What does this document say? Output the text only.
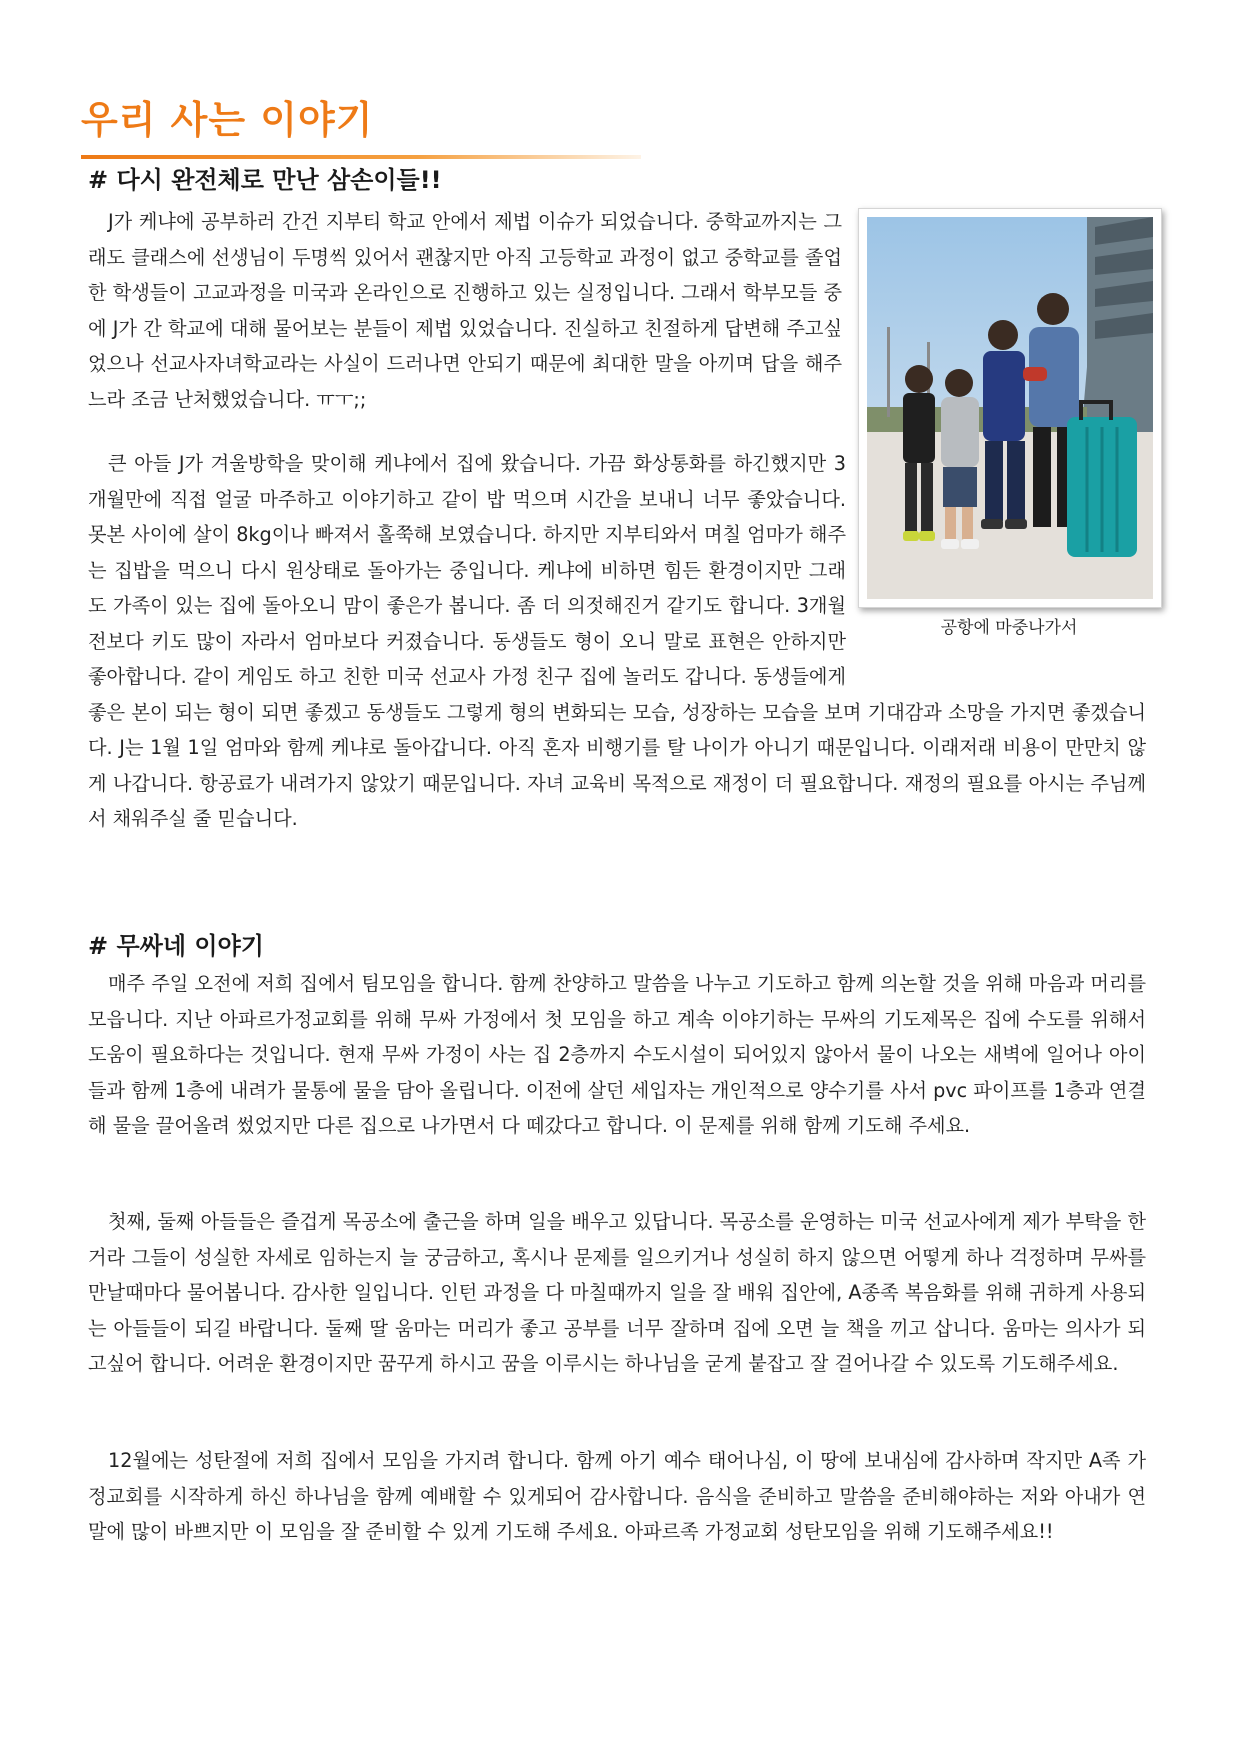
우리 사는 이야기
# 다시 완전체로 만난 삼손이들!!

J가 케냐에 공부하러 간건 지부티 학교 안에서 제법 이슈가 되었습니다. 중학교까지는 그래도 클래스에 선생님이 두명씩 있어서 괜찮지만 아직 고등학교 과정이 없고 중학교를 졸업한 학생들이 고교과정을 미국과 온라인으로 진행하고 있는 실정입니다. 그래서 학부모들 중에 J가 간 학교에 대해 물어보는 분들이 제법 있었습니다. 진실하고 친절하게 답변해 주고싶었으나 선교사자녀학교라는 사실이 드러나면 안되기 때문에 최대한 말을 아끼며 답을 해주느라 조금 난처했었습니다. ㅠㅜ;;

큰 아들 J가 겨울방학을 맞이해 케냐에서 집에 왔습니다. 가끔 화상통화를 하긴했지만 3개월만에 직접 얼굴 마주하고 이야기하고 같이 밥 먹으며 시간을 보내니 너무 좋았습니다. 못본 사이에 살이 8kg이나 빠져서 홀쭉해 보였습니다. 하지만 지부티와서 며칠 엄마가 해주는 집밥을 먹으니 다시 원상태로 돌아가는 중입니다. 케냐에 비하면 힘든 환경이지만 그래도 가족이 있는 집에 돌아오니 맘이 좋은가 봅니다. 좀 더 의젓해진거 같기도 합니다. 3개월 전보다 키도 많이 자라서 엄마보다 커졌습니다. 동생들도 형이 오니 말로 표현은 안하지만 좋아합니다. 같이 게임도 하고 친한 미국 선교사 가정 친구 집에 놀러도 갑니다. 동생들에게 좋은 본이 되는 형이 되면 좋겠고 동생들도 그렇게 형의 변화되는 모습, 성장하는 모습을 보며 기대감과 소망을 가지면 좋겠습니다. J는 1월 1일 엄마와 함께 케냐로 돌아갑니다. 아직 혼자 비행기를 탈 나이가 아니기 때문입니다. 이래저래 비용이 만만치 않게 나갑니다. 항공료가 내려가지 않았기 때문입니다. 자녀 교육비 목적으로 재정이 더 필요합니다. 재정의 필요를 아시는 주님께서 채워주실 줄 믿습니다.

공항에 마중나가서

# 무싸네 이야기

매주 주일 오전에 저희 집에서 팀모임을 합니다. 함께 찬양하고 말씀을 나누고 기도하고 함께 의논할 것을 위해 마음과 머리를 모읍니다. 지난 아파르가정교회를 위해 무싸 가정에서 첫 모임을 하고 계속 이야기하는 무싸의 기도제목은 집에 수도를 위해서 도움이 필요하다는 것입니다. 현재 무싸 가정이 사는 집 2층까지 수도시설이 되어있지 않아서 물이 나오는 새벽에 일어나 아이들과 함께 1층에 내려가 물통에 물을 담아 올립니다. 이전에 살던 세입자는 개인적으로 양수기를 사서 pvc 파이프를 1층과 연결해 물을 끌어올려 썼었지만 다른 집으로 나가면서 다 떼갔다고 합니다. 이 문제를 위해 함께 기도해 주세요.

첫째, 둘째 아들들은 즐겁게 목공소에 출근을 하며 일을 배우고 있답니다. 목공소를 운영하는 미국 선교사에게 제가 부탁을 한거라 그들이 성실한 자세로 임하는지 늘 궁금하고, 혹시나 문제를 일으키거나 성실히 하지 않으면 어떻게 하나 걱정하며 무싸를 만날때마다 물어봅니다. 감사한 일입니다. 인턴 과정을 다 마칠때까지 일을 잘 배워 집안에, A종족 복음화를 위해 귀하게 사용되는 아들들이 되길 바랍니다. 둘째 딸 움마는 머리가 좋고 공부를 너무 잘하며 집에 오면 늘 책을 끼고 삽니다. 움마는 의사가 되고싶어 합니다. 어려운 환경이지만 꿈꾸게 하시고 꿈을 이루시는 하나님을 굳게 붙잡고 잘 걸어나갈 수 있도록 기도해주세요.

12월에는 성탄절에 저희 집에서 모임을 가지려 합니다. 함께 아기 예수 태어나심, 이 땅에 보내심에 감사하며 작지만 A족 가정교회를 시작하게 하신 하나님을 함께 예배할 수 있게되어 감사합니다. 음식을 준비하고 말씀을 준비해야하는 저와 아내가 연말에 많이 바쁘지만 이 모임을 잘 준비할 수 있게 기도해 주세요. 아파르족 가정교회 성탄모임을 위해 기도해주세요!!
